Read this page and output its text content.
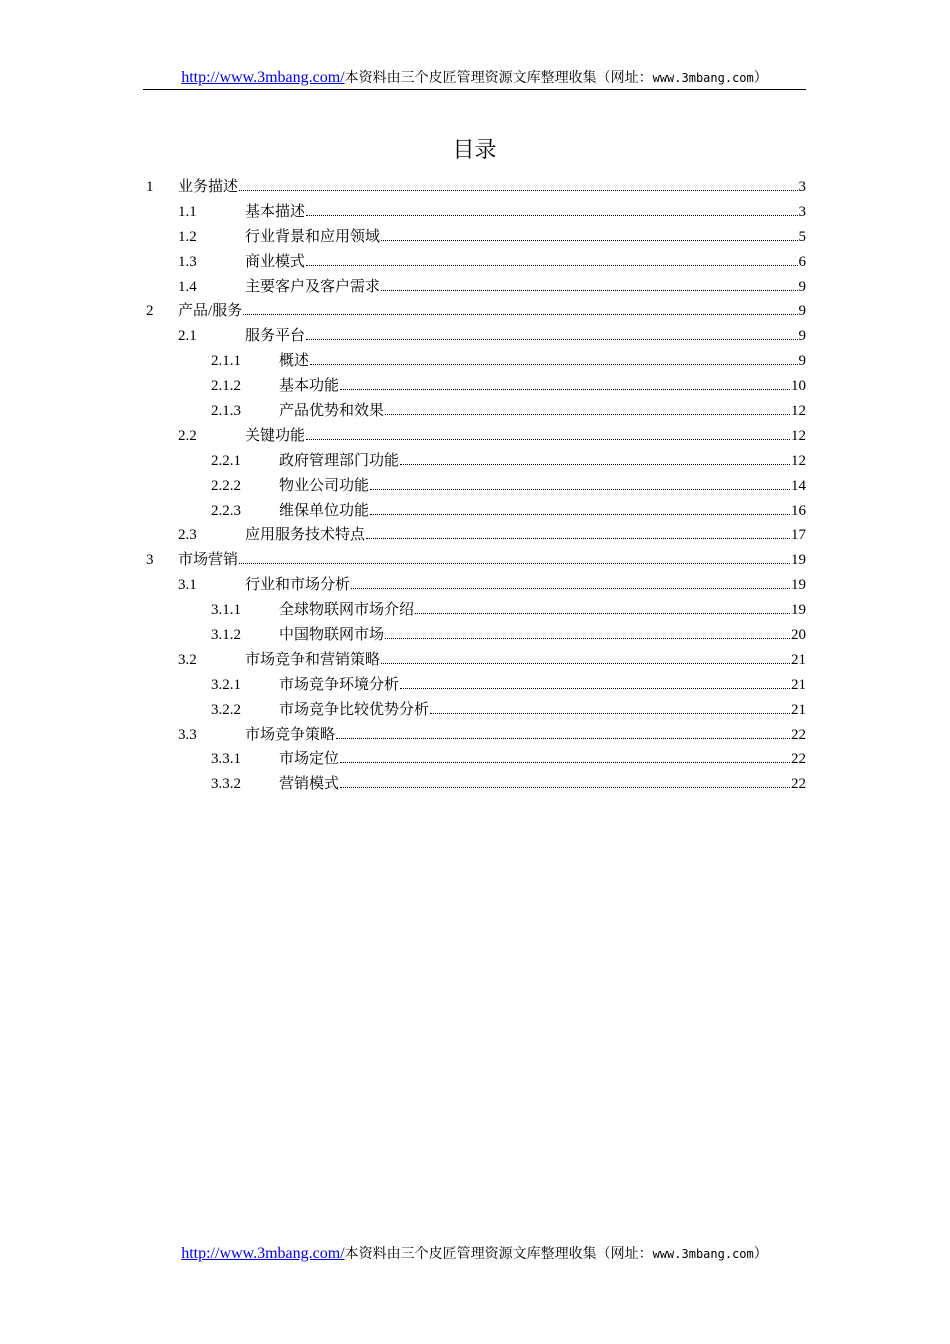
http://www.3mbang.com/本资料由三个皮匠管理资源文库整理收集（网址：www.3mbang.com）
目录
1 业务描述	3
1.1	基本描述	3
1.2	行业背景和应用领域	5
1.3	商业模式	6
1.4	主要客户及客户需求	9
2 产品/服务	9
2.1	服务平台	9
2.1.1	概述	9
2.1.2	基本功能	10
2.1.3	产品优势和效果	12
2.2	关键功能	12
2.2.1	政府管理部门功能	12
2.2.2	物业公司功能	14
2.2.3	维保单位功能	16
2.3	应用服务技术特点	17
3 市场营销	19
3.1	行业和市场分析	19
3.1.1	全球物联网市场介绍	19
3.1.2	中国物联网市场	20
3.2	市场竞争和营销策略	21
3.2.1	市场竞争环境分析	21
3.2.2	市场竞争比较优势分析	21
3.3	市场竞争策略	22
3.3.1	市场定位	22
3.3.2	营销模式	22
http://www.3mbang.com/本资料由三个皮匠管理资源文库整理收集（网址：www.3mbang.com）
